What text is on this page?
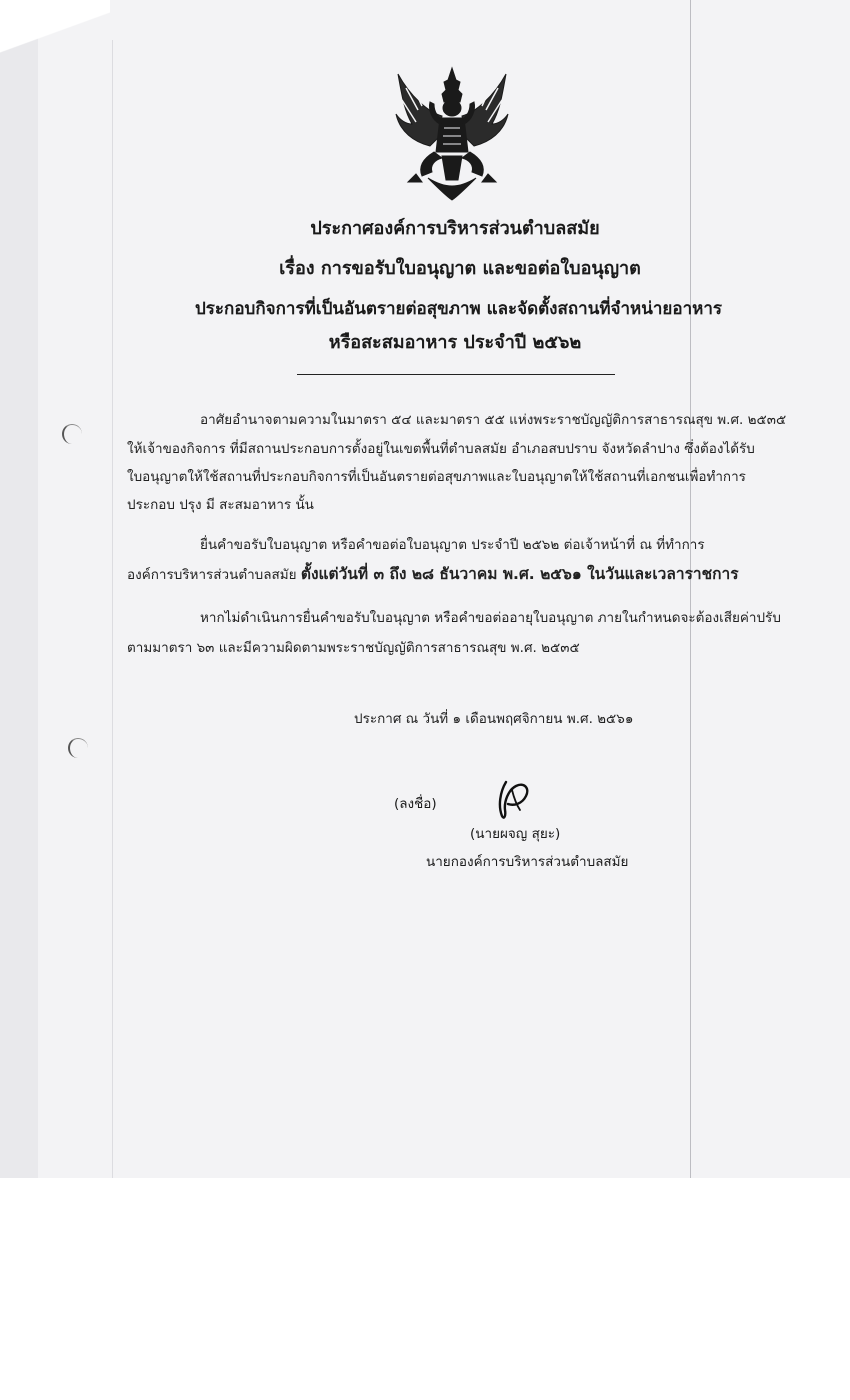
ประกาศองค์การบริหารส่วนตำบลสมัย
เรื่อง การขอรับใบอนุญาต และขอต่อใบอนุญาต
ประกอบกิจการที่เป็นอันตรายต่อสุขภาพ และจัดตั้งสถานที่จำหน่ายอาหาร
หรือสะสมอาหาร ประจำปี ๒๕๖๒
อาศัยอำนาจตามความในมาตรา ๕๔ และมาตรา ๕๕ แห่งพระราชบัญญัติการสาธารณสุข พ.ศ. ๒๕๓๕
ให้เจ้าของกิจการ ที่มีสถานประกอบการตั้งอยู่ในเขตพื้นที่ตำบลสมัย อำเภอสบปราบ จังหวัดลำปาง ซึ่งต้องได้รับ
ใบอนุญาตให้ใช้สถานที่ประกอบกิจการที่เป็นอันตรายต่อสุขภาพและใบอนุญาตให้ใช้สถานที่เอกชนเพื่อทำการ
ประกอบ ปรุง มี สะสมอาหาร นั้น
ยื่นคำขอรับใบอนุญาต หรือคำขอต่อใบอนุญาต ประจำปี ๒๕๖๒ ต่อเจ้าหน้าที่ ณ ที่ทำการ
องค์การบริหารส่วนตำบลสมัย ตั้งแต่วันที่ ๓ ถึง ๒๘ ธันวาคม พ.ศ. ๒๕๖๑ ในวันและเวลาราชการ
หากไม่ดำเนินการยื่นคำขอรับใบอนุญาต หรือคำขอต่ออายุใบอนุญาต ภายในกำหนดจะต้องเสียค่าปรับ
ตามมาตรา ๖๓ และมีความผิดตามพระราชบัญญัติการสาธารณสุข พ.ศ. ๒๕๓๕
ประกาศ ณ วันที่ ๑ เดือนพฤศจิกายน พ.ศ. ๒๕๖๑
(ลงชื่อ)
(นายผจญ สุยะ)
นายกองค์การบริหารส่วนตำบลสมัย
